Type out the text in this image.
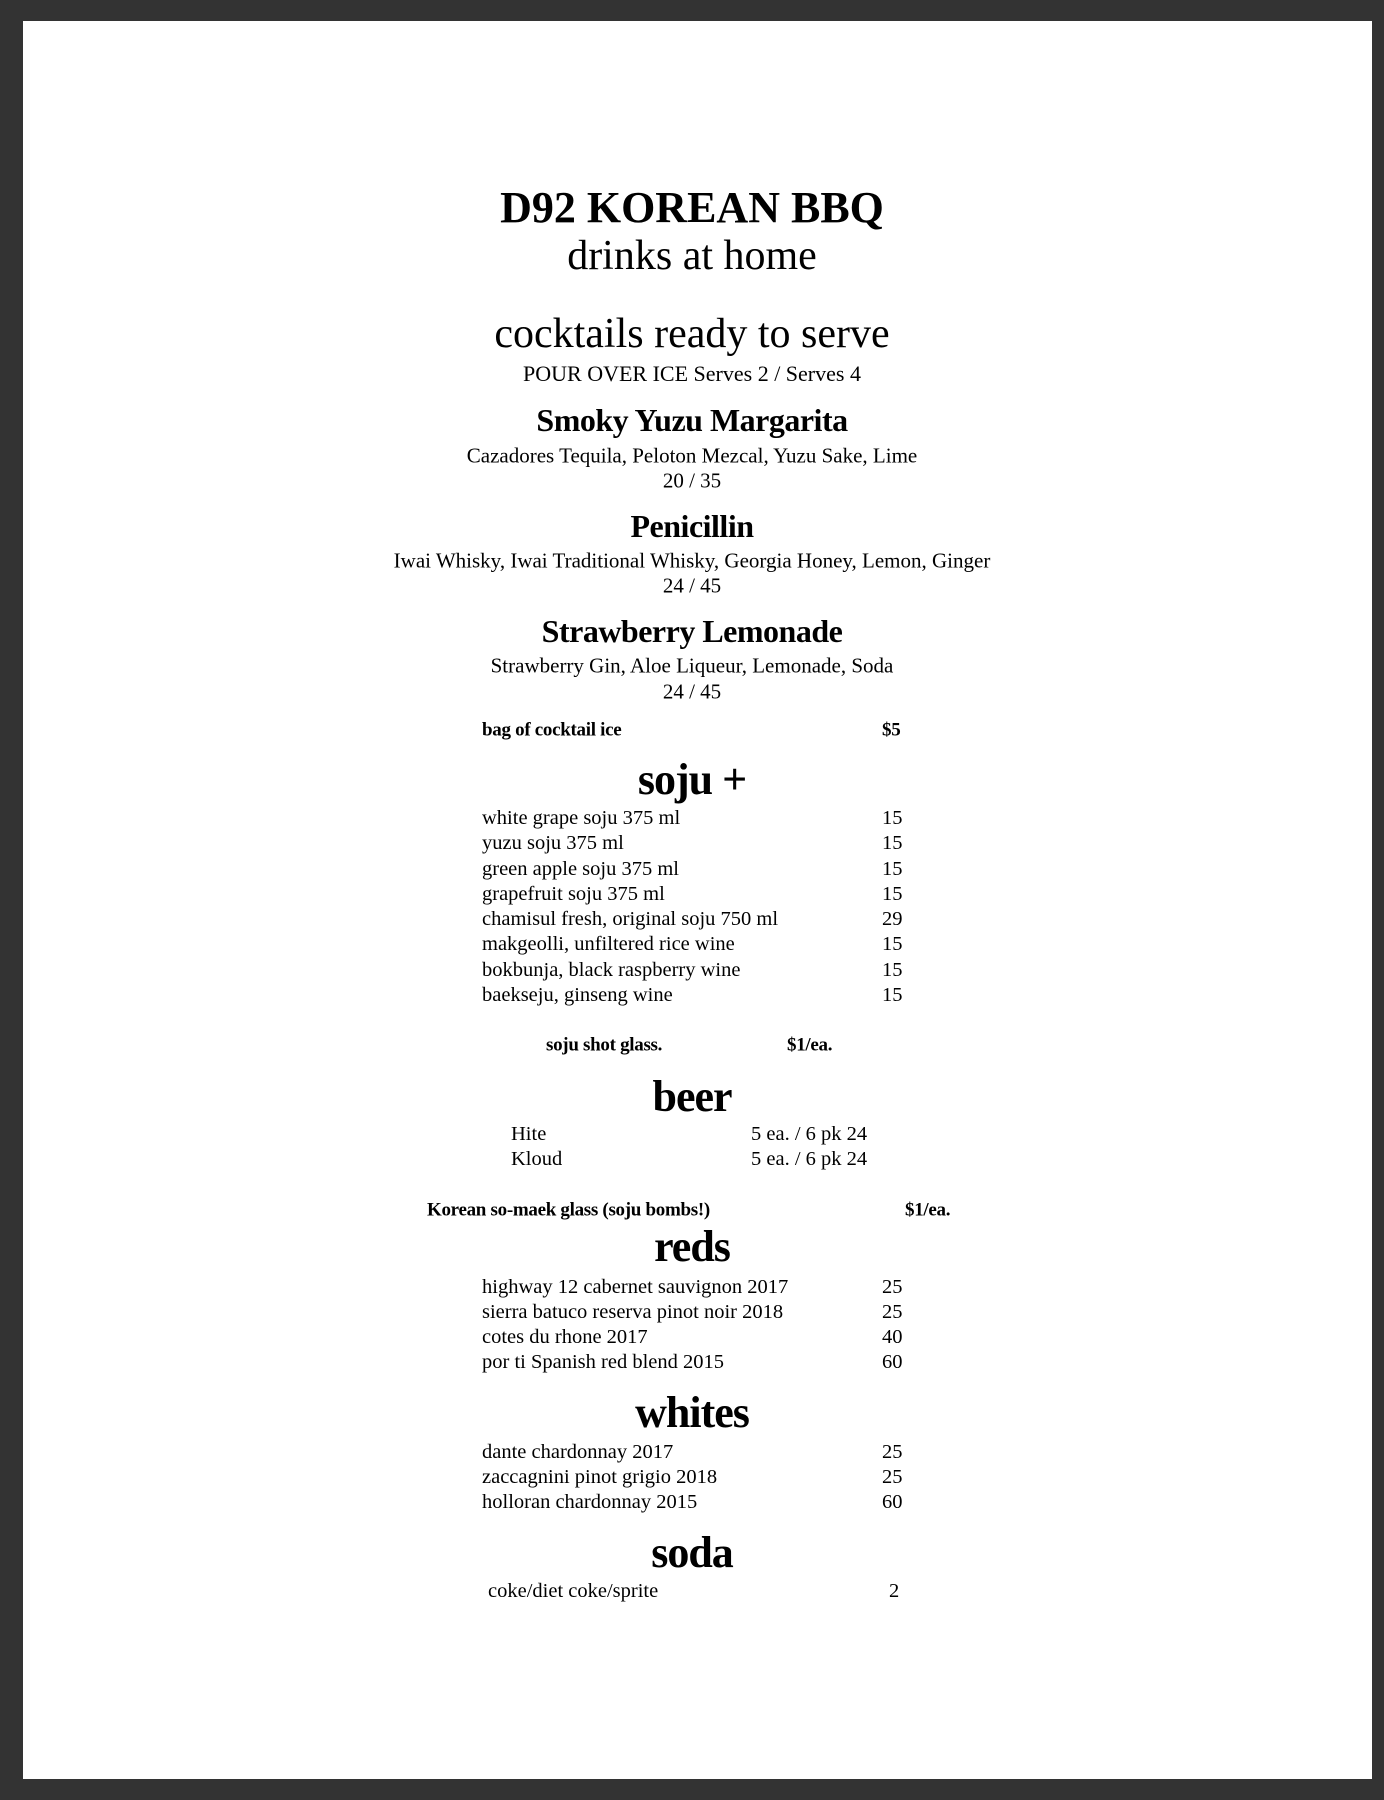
D92 KOREAN BBQ
drinks at home
cocktails ready to serve
POUR OVER ICE Serves 2 / Serves 4
Smoky Yuzu Margarita
Cazadores Tequila, Peloton Mezcal, Yuzu Sake, Lime
20 / 35
Penicillin
Iwai Whisky, Iwai Traditional Whisky, Georgia Honey, Lemon, Ginger
24 / 45
Strawberry Lemonade
Strawberry Gin, Aloe Liqueur, Lemonade, Soda
24 / 45
bag of cocktail ice	$5
soju +
white grape soju 375 ml	15
yuzu soju 375 ml	15
green apple soju 375 ml	15
grapefruit soju 375 ml	15
chamisul fresh, original soju 750 ml	29
makgeolli, unfiltered rice wine	15
bokbunja, black raspberry wine	15
baekseju, ginseng wine	15
soju shot glass.	$1/ea.
beer
Hite	5 ea. / 6 pk 24
Kloud	5 ea. / 6 pk 24
Korean so-maek glass (soju bombs!)	$1/ea.
reds
highway 12 cabernet sauvignon 2017	25
sierra batuco reserva pinot noir 2018	25
cotes du rhone 2017	40
por ti Spanish red blend 2015	60
whites
dante chardonnay 2017	25
zaccagnini pinot grigio 2018	25
holloran chardonnay 2015	60
soda
coke/diet coke/sprite	2
